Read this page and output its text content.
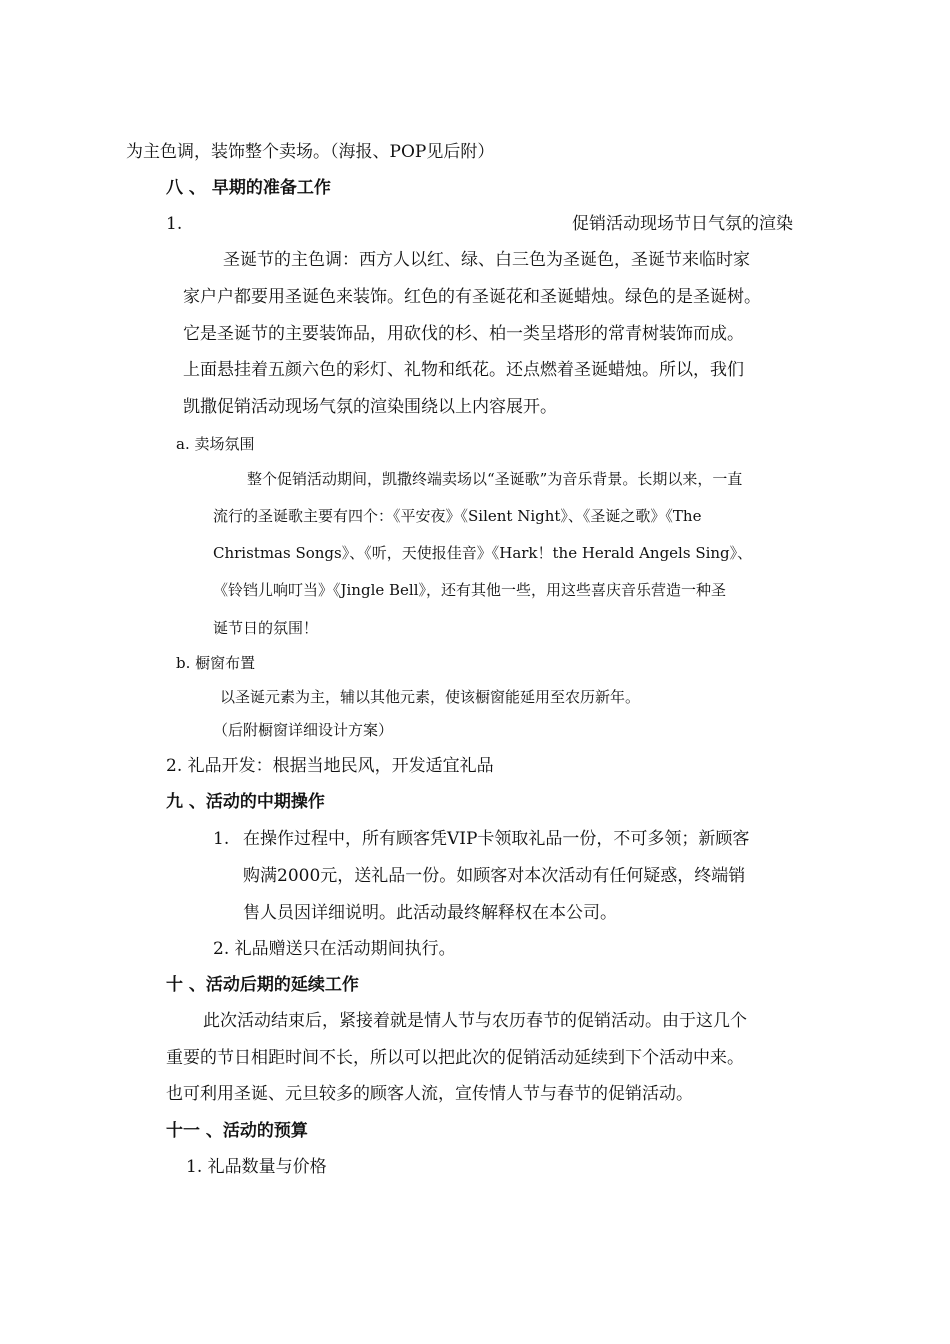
为主色调，装饰整个卖场。（海报、POP见后附）
八 、 早期的准备工作
1.	促销活动现场节日气氛的渲染
圣诞节的主色调：西方人以红、绿、白三色为圣诞色，圣诞节来临时家
家户户都要用圣诞色来装饰。红色的有圣诞花和圣诞蜡烛。绿色的是圣诞树。
它是圣诞节的主要装饰品，用砍伐的杉、柏一类呈塔形的常青树装饰而成。
上面悬挂着五颜六色的彩灯、礼物和纸花。还点燃着圣诞蜡烛。所以，我们
凯撒促销活动现场气氛的渲染围绕以上内容展开。
a. 卖场氛围
整个促销活动期间，凯撒终端卖场以“圣诞歌”为音乐背景。长期以来，一直
流行的圣诞歌主要有四个：《平安夜》《Silent Night》、《圣诞之歌》《The
Christmas Songs》、《听，天使报佳音》《Hark！the Herald Angels Sing》、
《铃铛儿响叮当》《Jingle Bell》，还有其他一些，用这些喜庆音乐营造一种圣
诞节日的氛围！
b. 橱窗布置
以圣诞元素为主，辅以其他元素，使该橱窗能延用至农历新年。
（后附橱窗详细设计方案）
2. 礼品开发：根据当地民风，开发适宜礼品
九 、活动的中期操作
1. 在操作过程中，所有顾客凭VIP卡领取礼品一份，不可多领；新顾客
购满2000元，送礼品一份。如顾客对本次活动有任何疑惑，终端销
售人员因详细说明。此活动最终解释权在本公司。
2. 礼品赠送只在活动期间执行。
十 、活动后期的延续工作
此次活动结束后，紧接着就是情人节与农历春节的促销活动。由于这几个
重要的节日相距时间不长，所以可以把此次的促销活动延续到下个活动中来。
也可利用圣诞、元旦较多的顾客人流，宣传情人节与春节的促销活动。
十一 、活动的预算
1. 礼品数量与价格
